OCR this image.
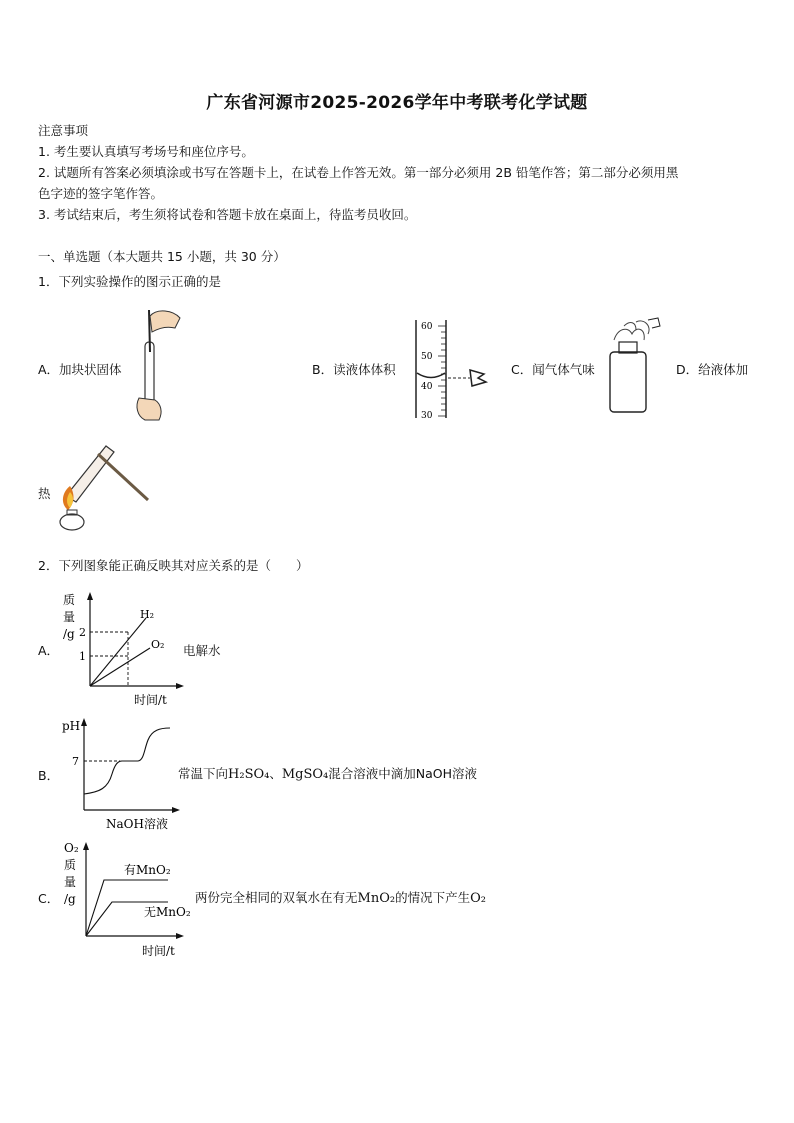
广东省河源市2025-2026学年中考联考化学试题
注意事项
1. 考生要认真填写考场号和座位序号。
2. 试题所有答案必须填涂或书写在答题卡上，在试卷上作答无效。第一部分必须用 2B 铅笔作答；第二部分必须用黑
色字迹的签字笔作答。
3. 考试结束后，考生须将试卷和答题卡放在桌面上，待监考员收回。
一、单选题（本大题共 15 小题，共 30 分）
1．下列实验操作的图示正确的是
A．加块状固体	B．读液体体积	C．闻气体气味	D．给液体加
热
60
50
40
30
2．下列图象能正确反映其对应关系的是（　　）
A．	电解水
质
量
/g 2
1
H₂
O₂
时间/t
B．	常温下向H₂SO₄、MgSO₄混合溶液中滴加NaOH溶液
pH
7
NaOH溶液
C．	两份完全相同的双氧水在有无MnO₂的情况下产生O₂
O₂
质
量
/g
有MnO₂
无MnO₂
时间/t
